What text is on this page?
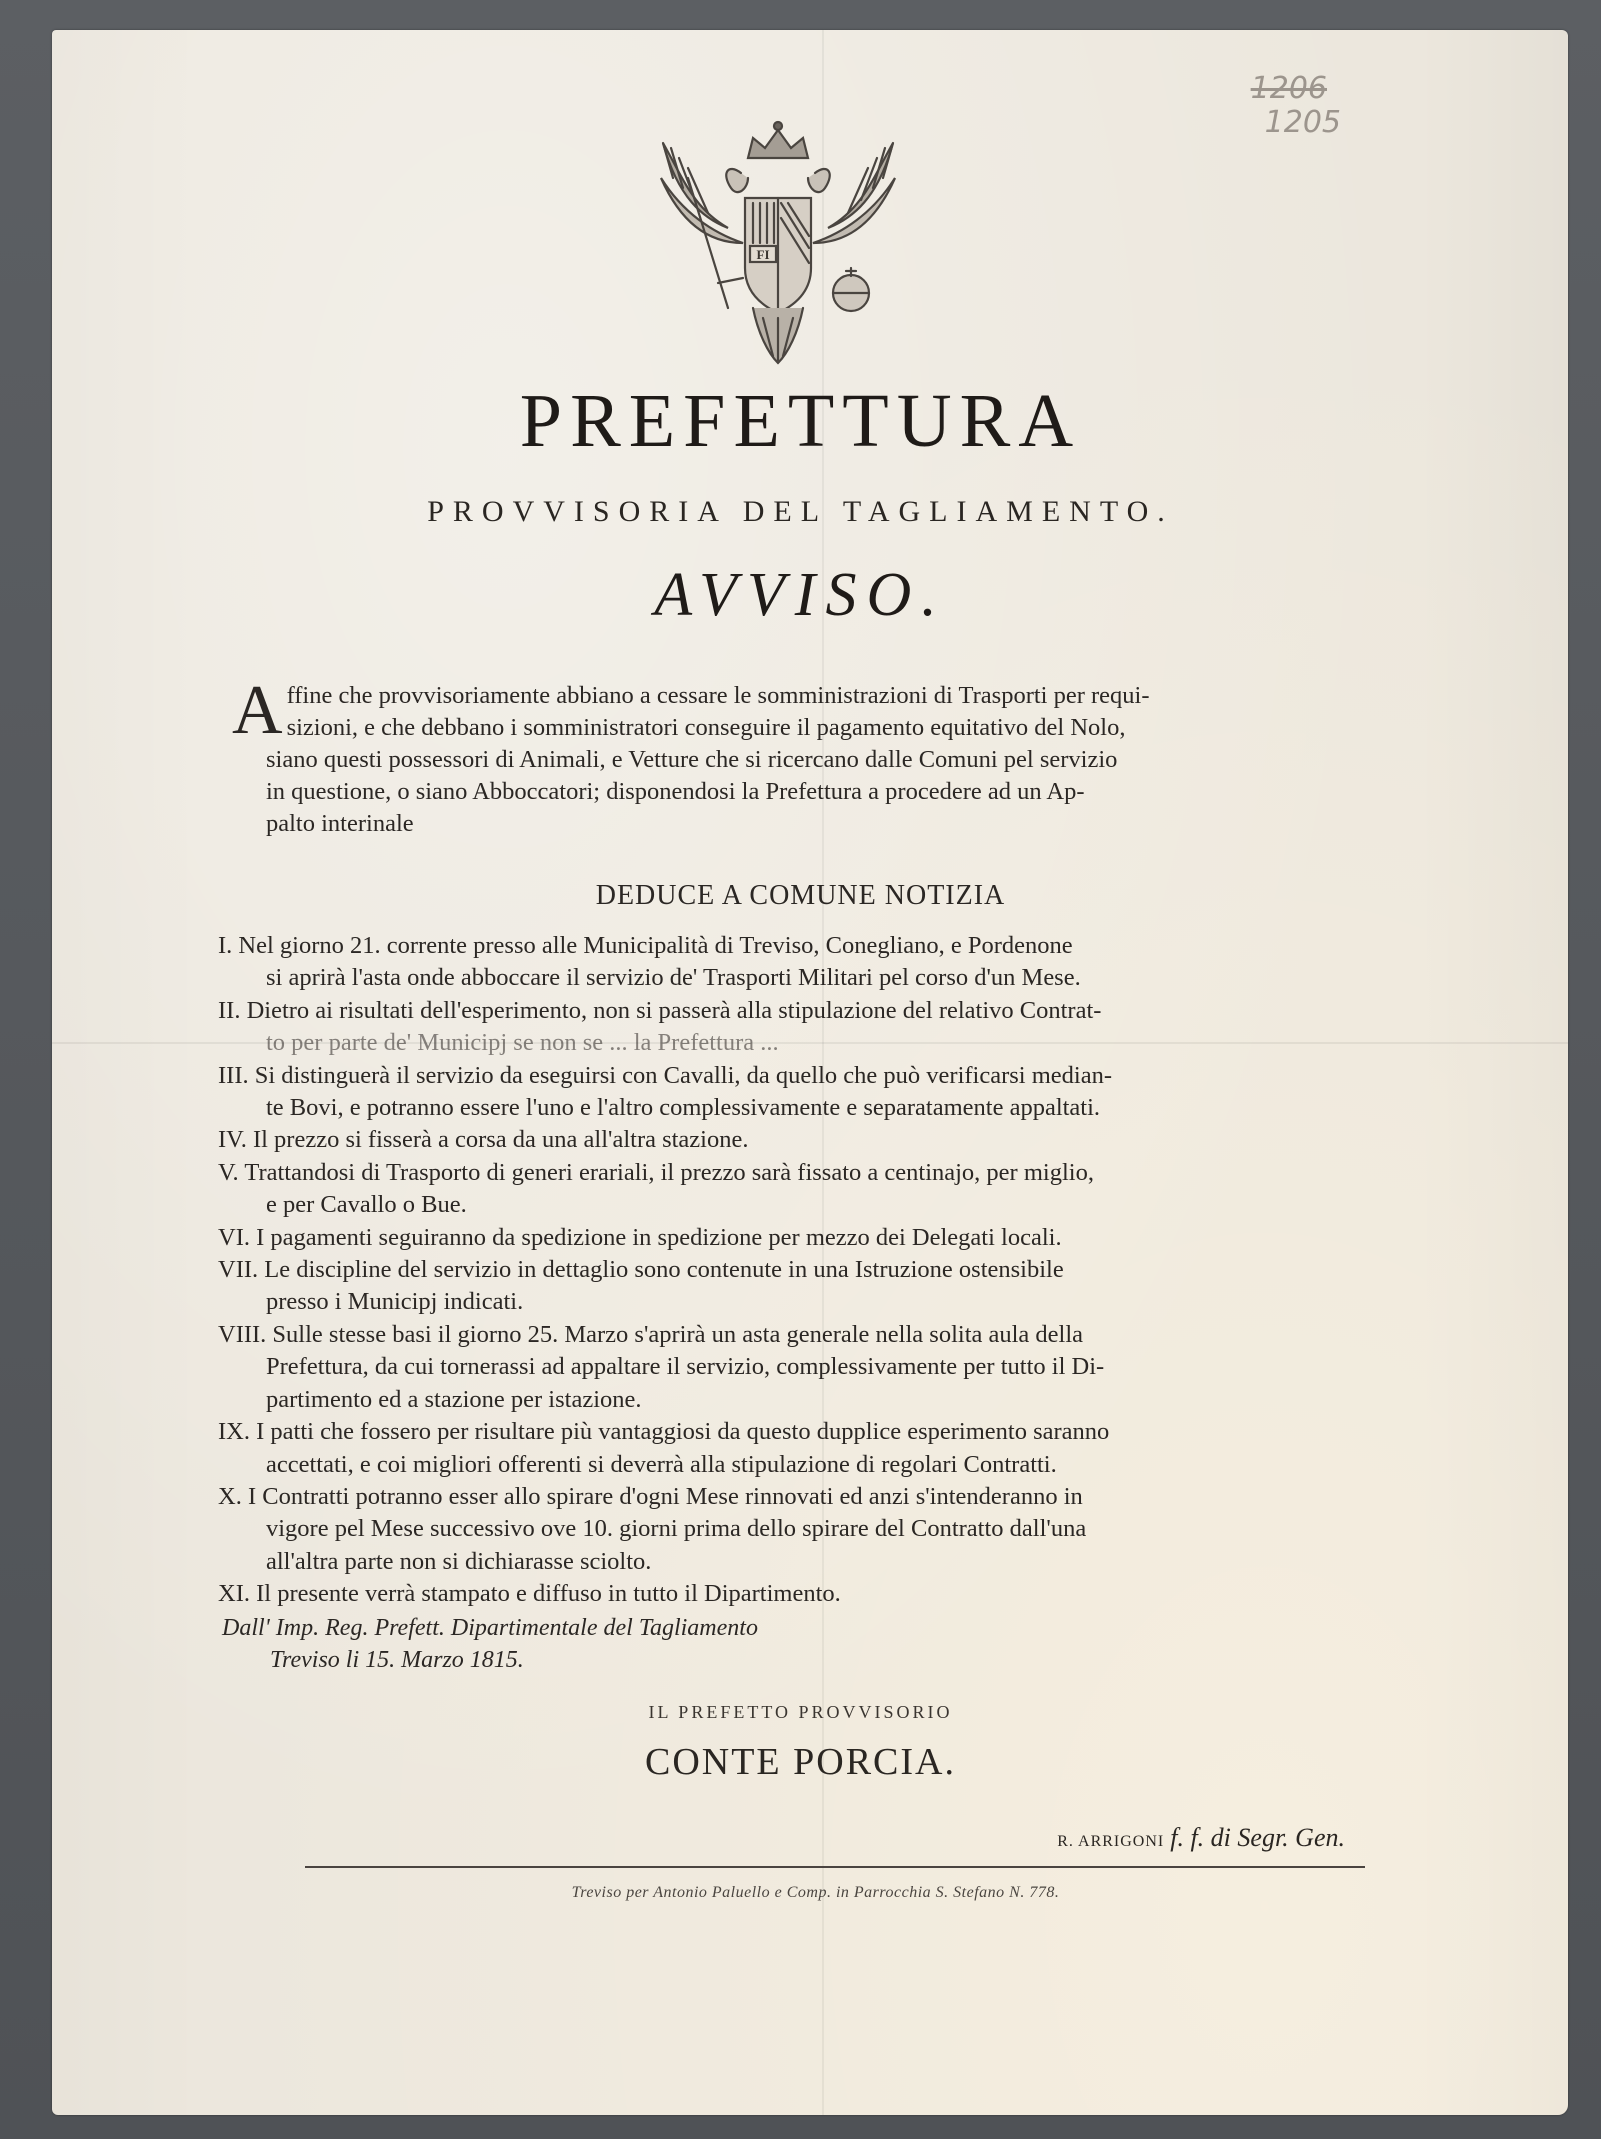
1206
1205
FI
PREFETTURA
PROVVISORIA DEL TAGLIAMENTO.
AVVISO.
A ffine che provvisoriamente abbiano a cessare le somministrazioni di Trasporti per requi-
sizioni, e che debbano i somministratori conseguire il pagamento equitativo del Nolo,
siano questi possessori di Animali, e Vetture che si ricercano dalle Comuni pel servizio
in questione, o siano Abboccatori; disponendosi la Prefettura a procedere ad un Ap-
palto interinale
DEDUCE A COMUNE NOTIZIA
I. Nel giorno 21. corrente presso alle Municipalità di Treviso, Conegliano, e Pordenone
si aprirà l'asta onde abboccare il servizio de' Trasporti Militari pel corso d'un Mese.
II. Dietro ai risultati dell'esperimento, non si passerà alla stipulazione del relativo Contrat-
to per parte de' Municipj se non se ... la Prefettura ...
III. Si distinguerà il servizio da eseguirsi con Cavalli, da quello che può verificarsi median-
te Bovi, e potranno essere l'uno e l'altro complessivamente e separatamente appaltati.
IV. Il prezzo si fisserà a corsa da una all'altra stazione.
V. Trattandosi di Trasporto di generi erariali, il prezzo sarà fissato a centinajo, per miglio,
e per Cavallo o Bue.
VI. I pagamenti seguiranno da spedizione in spedizione per mezzo dei Delegati locali.
VII. Le discipline del servizio in dettaglio sono contenute in una Istruzione ostensibile
presso i Municipj indicati.
VIII. Sulle stesse basi il giorno 25. Marzo s'aprirà un asta generale nella solita aula della
Prefettura, da cui tornerassi ad appaltare il servizio, complessivamente per tutto il Di-
partimento ed a stazione per istazione.
IX. I patti che fossero per risultare più vantaggiosi da questo dupplice esperimento saranno
accettati, e coi migliori offerenti si deverrà alla stipulazione di regolari Contratti.
X. I Contratti potranno esser allo spirare d'ogni Mese rinnovati ed anzi s'intenderanno in
vigore pel Mese successivo ove 10. giorni prima dello spirare del Contratto dall'una
all'altra parte non si dichiarasse sciolto.
XI. Il presente verrà stampato e diffuso in tutto il Dipartimento.
Dall' Imp. Reg. Prefett. Dipartimentale del Tagliamento
Treviso li 15. Marzo 1815.
IL PREFETTO PROVVISORIO
CONTE PORCIA.
R. ARRIGONI f. f. di Segr. Gen.
Treviso per Antonio Paluello e Comp. in Parrocchia S. Stefano N. 778.
